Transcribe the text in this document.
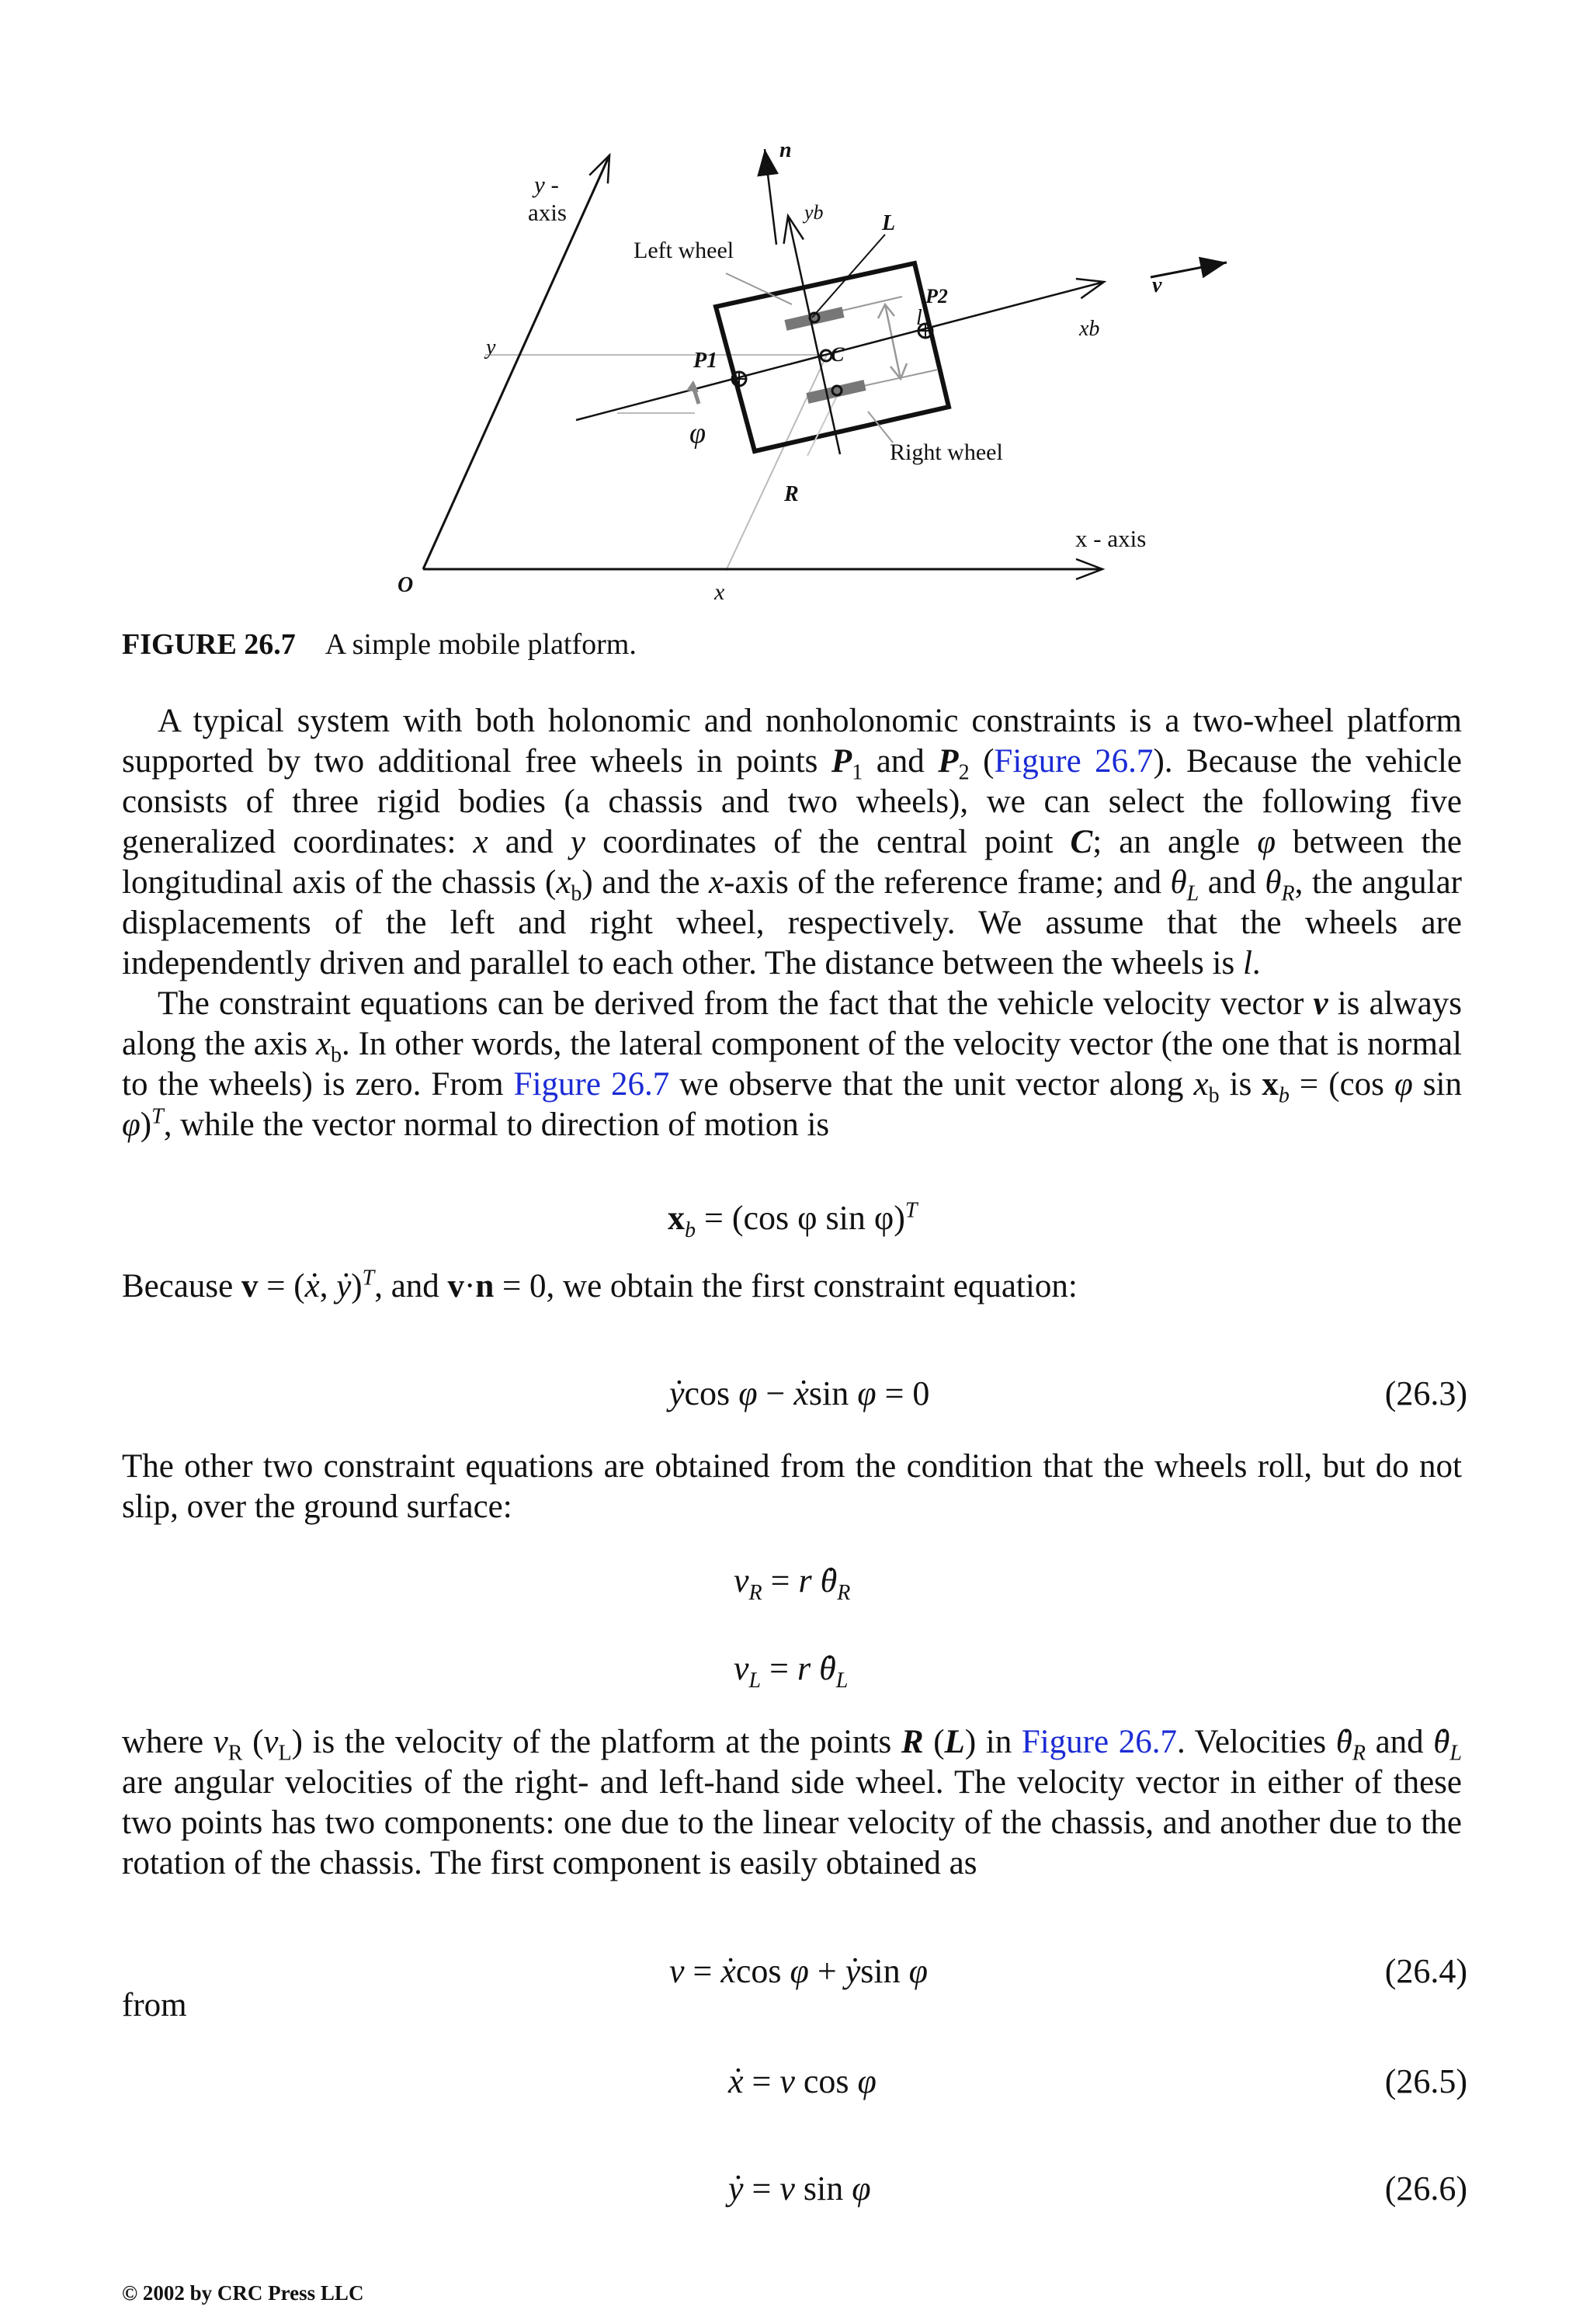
y -
axis
n
yb	L
Left wheel
P2	v
xb
y
P1	C
l
φ
Right wheel
R
x - axis
O	x
FIGURE 26.7 A simple mobile platform.

A typical system with both holonomic and nonholonomic constraints is a two-wheel platform supported by two additional free wheels in points $P_1$ and $P_2$ (Figure 26.7). Because the vehicle consists of three rigid bodies (a chassis and two wheels), we can select the following five generalized coordinates: x and y coordinates of the central point C; an angle φ between the longitudinal axis of the chassis $(x_b)$ and the x-axis of the reference frame; and $\theta_L$ and $\theta_R$, the angular displacements of the left and right wheel, respectively. We assume that the wheels are independently driven and parallel to each other. The distance between the wheels is l.

The constraint equations can be derived from the fact that the vehicle velocity vector v is always along the axis $x_b$. In other words, the lateral component of the velocity vector (the one that is normal to the wheels) is zero. From Figure 26.7 we observe that the unit vector along $x_b$ is $x_b = (\cos$ φ sin φ)$^T$, while the vector normal to direction of motion is

$x_b = (\cos$ φ sin φ)$^T$

Because v = (. x, . y)$^T$, and v·n = 0, we obtain the first constraint equation:

. ycos φ − . xsin φ = 0	(26.3)

The other two constraint equations are obtained from the condition that the wheels roll, but do not slip, over the ground surface:

$v_R = r$ . $\theta_R$
$v_L = r$ . $\theta_L$

where $v_R$ $(v_L)$ is the velocity of the platform at the points R (L) in Figure 26.7. Velocities . $\theta_R$ and . $\theta_L$ are angular velocities of the right- and left-hand side wheel. The velocity vector in either of these two points has two components: one due to the linear velocity of the chassis, and another due to the rotation of the chassis. The first component is easily obtained as

v = . xcos φ + . ysin φ	(26.4)
from
. x = v cos φ	(26.5)
. y = v sin φ	(26.6)
© 2002 by CRC Press LLC
